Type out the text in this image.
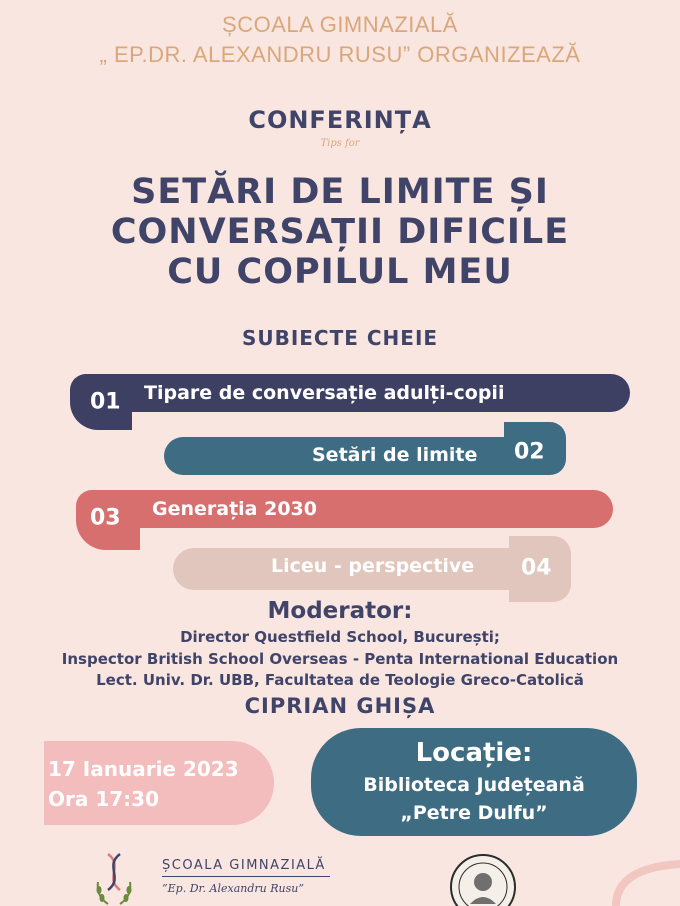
ȘCOALA GIMNAZIALĂ
„ EP.DR. ALEXANDRU RUSU” ORGANIZEAZĂ
CONFERINȚA
Tips for
SETĂRI DE LIMITE ȘI
CONVERSAȚII DIFICILE
CU COPILUL MEU
SUBIECTE CHEIE
01 Tipare de conversație adulți-copii
Setări de limite 02
03 Generația 2030
Liceu - perspective 04
Moderator:
Director Questfield School, București;
Inspector British School Overseas - Penta International Education
Lect. Univ. Dr. UBB, Facultatea de Teologie Greco-Catolică
CIPRIAN GHIȘA
17 Ianuarie 2023
Ora 17:30
Locație:
Biblioteca Județeană
„Petre Dulfu”
ȘCOALA GIMNAZIALĂ
”Ep. Dr. Alexandru Rusu”
